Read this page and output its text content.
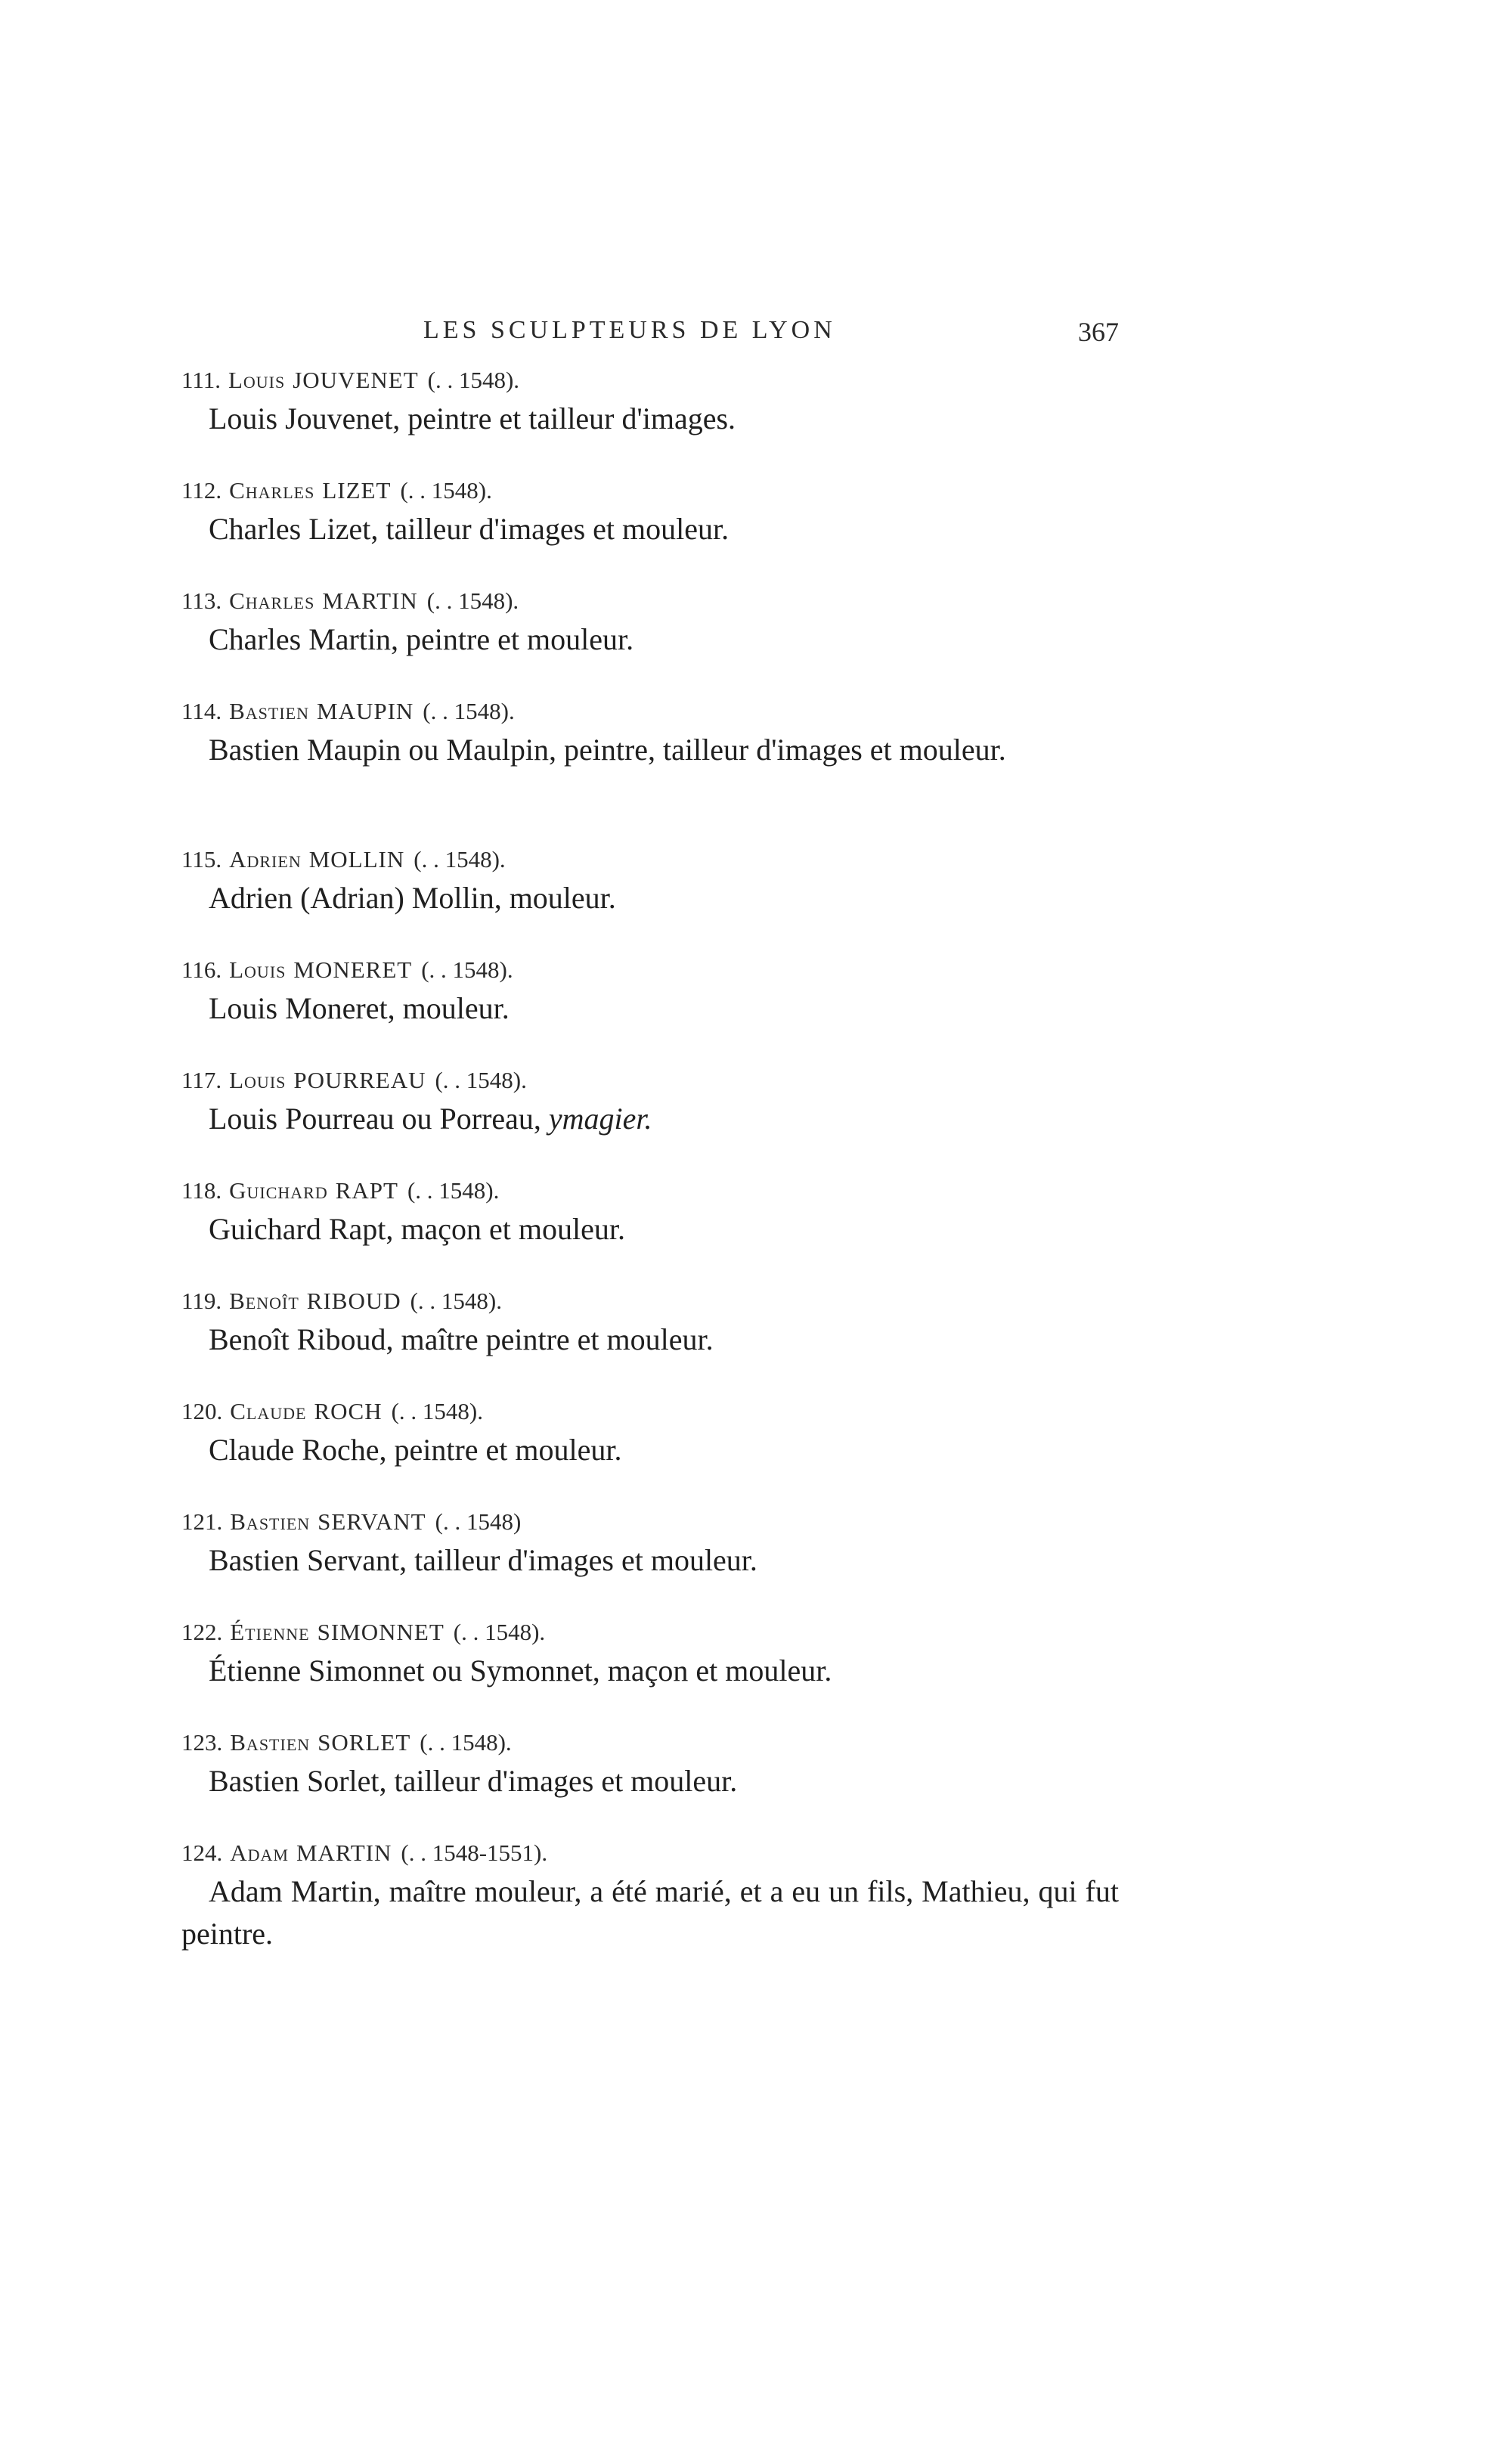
LES SCULPTEURS DE LYON	367
111. Louis JOUVENET (. . 1548).
Louis Jouvenet, peintre et tailleur d'images.
112. Charles LIZET (. . 1548).
Charles Lizet, tailleur d'images et mouleur.
113. Charles MARTIN (. . 1548).
Charles Martin, peintre et mouleur.
114. Bastien MAUPIN (. . 1548).
Bastien Maupin ou Maulpin, peintre, tailleur d'images et mouleur.
115. Adrien MOLLIN (. . 1548).
Adrien (Adrian) Mollin, mouleur.
116. Louis MONERET (. . 1548).
Louis Moneret, mouleur.
117. Louis POURREAU (. . 1548).
Louis Pourreau ou Porreau, ymagier.
118. Guichard RAPT (. . 1548).
Guichard Rapt, maçon et mouleur.
119. Benoît RIBOUD (. . 1548).
Benoît Riboud, maître peintre et mouleur.
120. Claude ROCH (. . 1548).
Claude Roche, peintre et mouleur.
121. Bastien SERVANT (. . 1548)
Bastien Servant, tailleur d'images et mouleur.
122. Étienne SIMONNET (. . 1548).
Étienne Simonnet ou Symonnet, maçon et mouleur.
123. Bastien SORLET (. . 1548).
Bastien Sorlet, tailleur d'images et mouleur.
124. Adam MARTIN (. . 1548-1551).
Adam Martin, maître mouleur, a été marié, et a eu un fils, Mathieu, qui fut peintre.
